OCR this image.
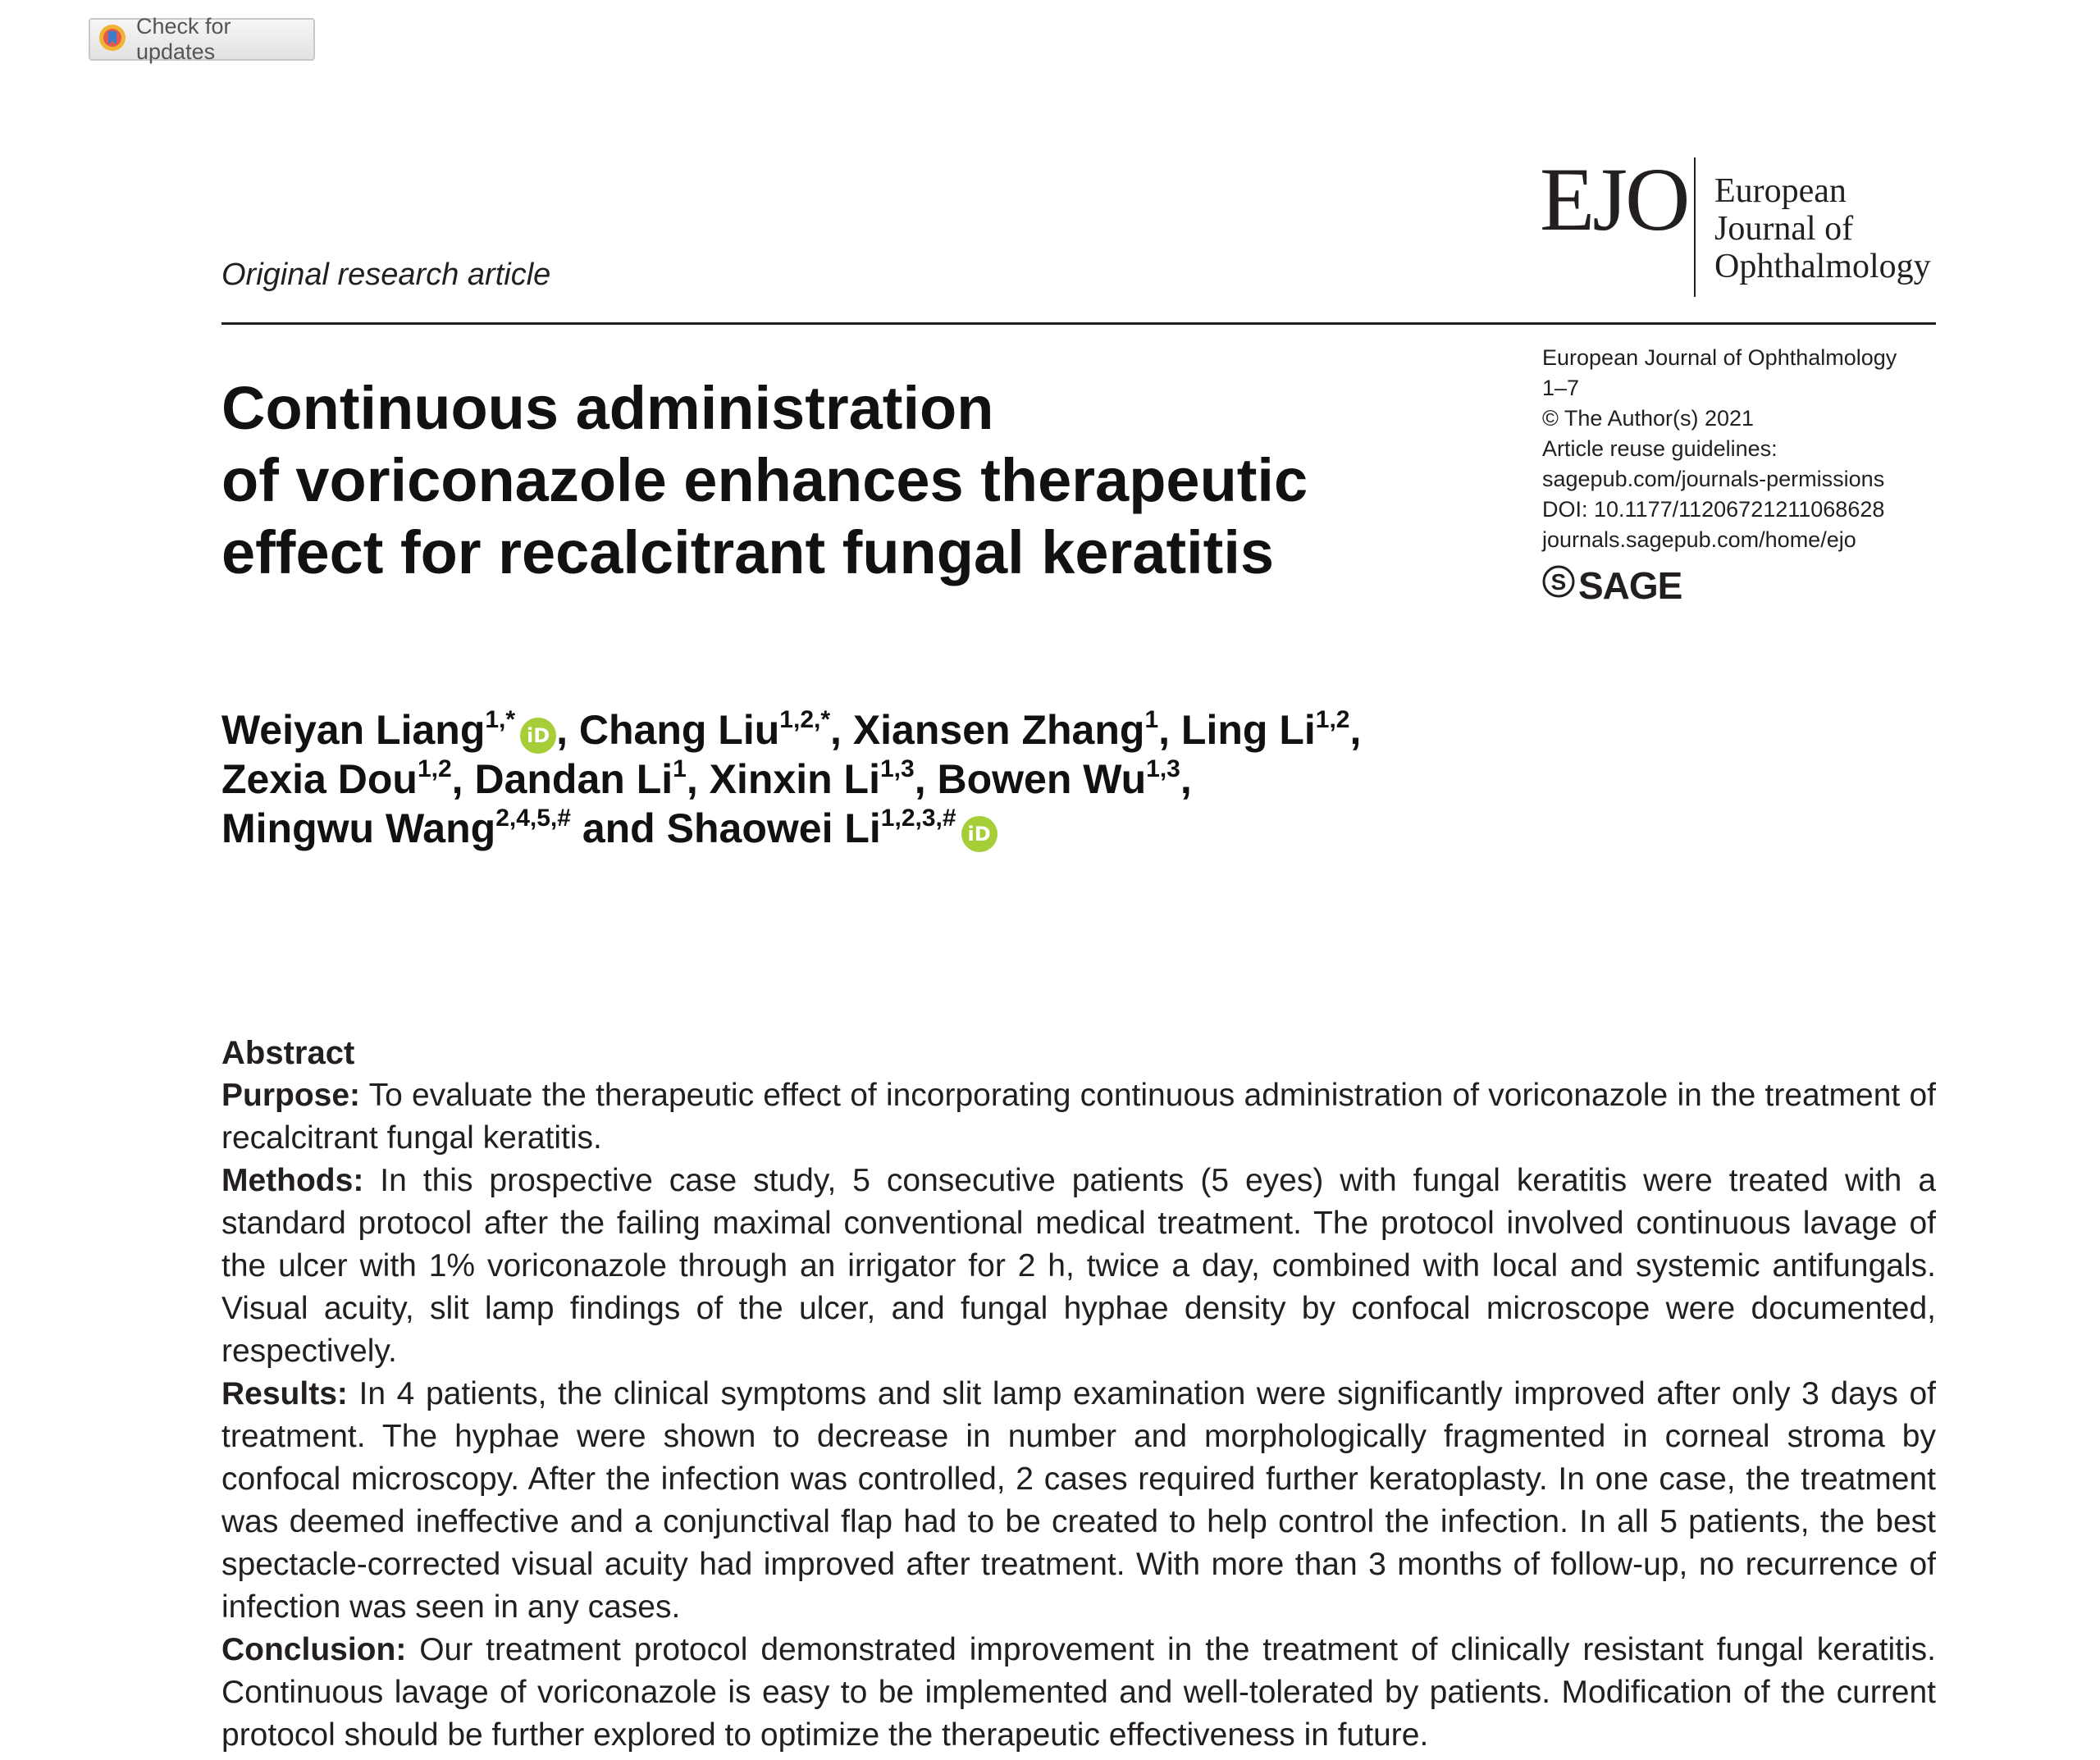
Check for updates
EJO European
Journal of
Ophthalmology
Original research article
European Journal of Ophthalmology
1–7
© The Author(s) 2021
Article reuse guidelines:
sagepub.com/journals-permissions
DOI: 10.1177/11206721211068628
journals.sagepub.com/home/ejo
S SAGE
Continuous administration
of voriconazole enhances therapeutic
effect for recalcitrant fungal keratitis
Weiyan Liang$^{1,*}$iD , Chang Liu$^{1,2,*}$, Xiansen Zhang$^1$, Ling Li$^{1,2}$,
Zexia Dou$^{1,2}$, Dandan Li$^1$, Xinxin Li$^{1,3}$, Bowen Wu$^{1,3}$,
Mingwu Wang$^{2,4,5,\#}$ and Shaowei $Li^{1,2,3,\#}iD$
Abstract

Purpose: To evaluate the therapeutic effect of incorporating continuous administration of voriconazole in the treatment of recalcitrant fungal keratitis.

Methods: In this prospective case study, 5 consecutive patients (5 eyes) with fungal keratitis were treated with a standard protocol after the failing maximal conventional medical treatment. The protocol involved continuous lavage of the ulcer with 1% voriconazole through an irrigator for 2 h, twice a day, combined with local and systemic antifungals. Visual acuity, slit lamp findings of the ulcer, and fungal hyphae density by confocal microscope were documented, respectively.

Results: In 4 patients, the clinical symptoms and slit lamp examination were significantly improved after only 3 days of treatment. The hyphae were shown to decrease in number and morphologically fragmented in corneal stroma by confocal microscopy. After the infection was controlled, 2 cases required further keratoplasty. In one case, the treatment was deemed ineffective and a conjunctival flap had to be created to help control the infection. In all 5 patients, the best spectacle-corrected visual acuity had improved after treatment. With more than 3 months of follow-up, no recurrence of infection was seen in any cases.

Conclusion: Our treatment protocol demonstrated improvement in the treatment of clinically resistant fungal keratitis. Continuous lavage of voriconazole is easy to be implemented and well-tolerated by patients. Modification of the current protocol should be further explored to optimize the therapeutic effectiveness in future.
